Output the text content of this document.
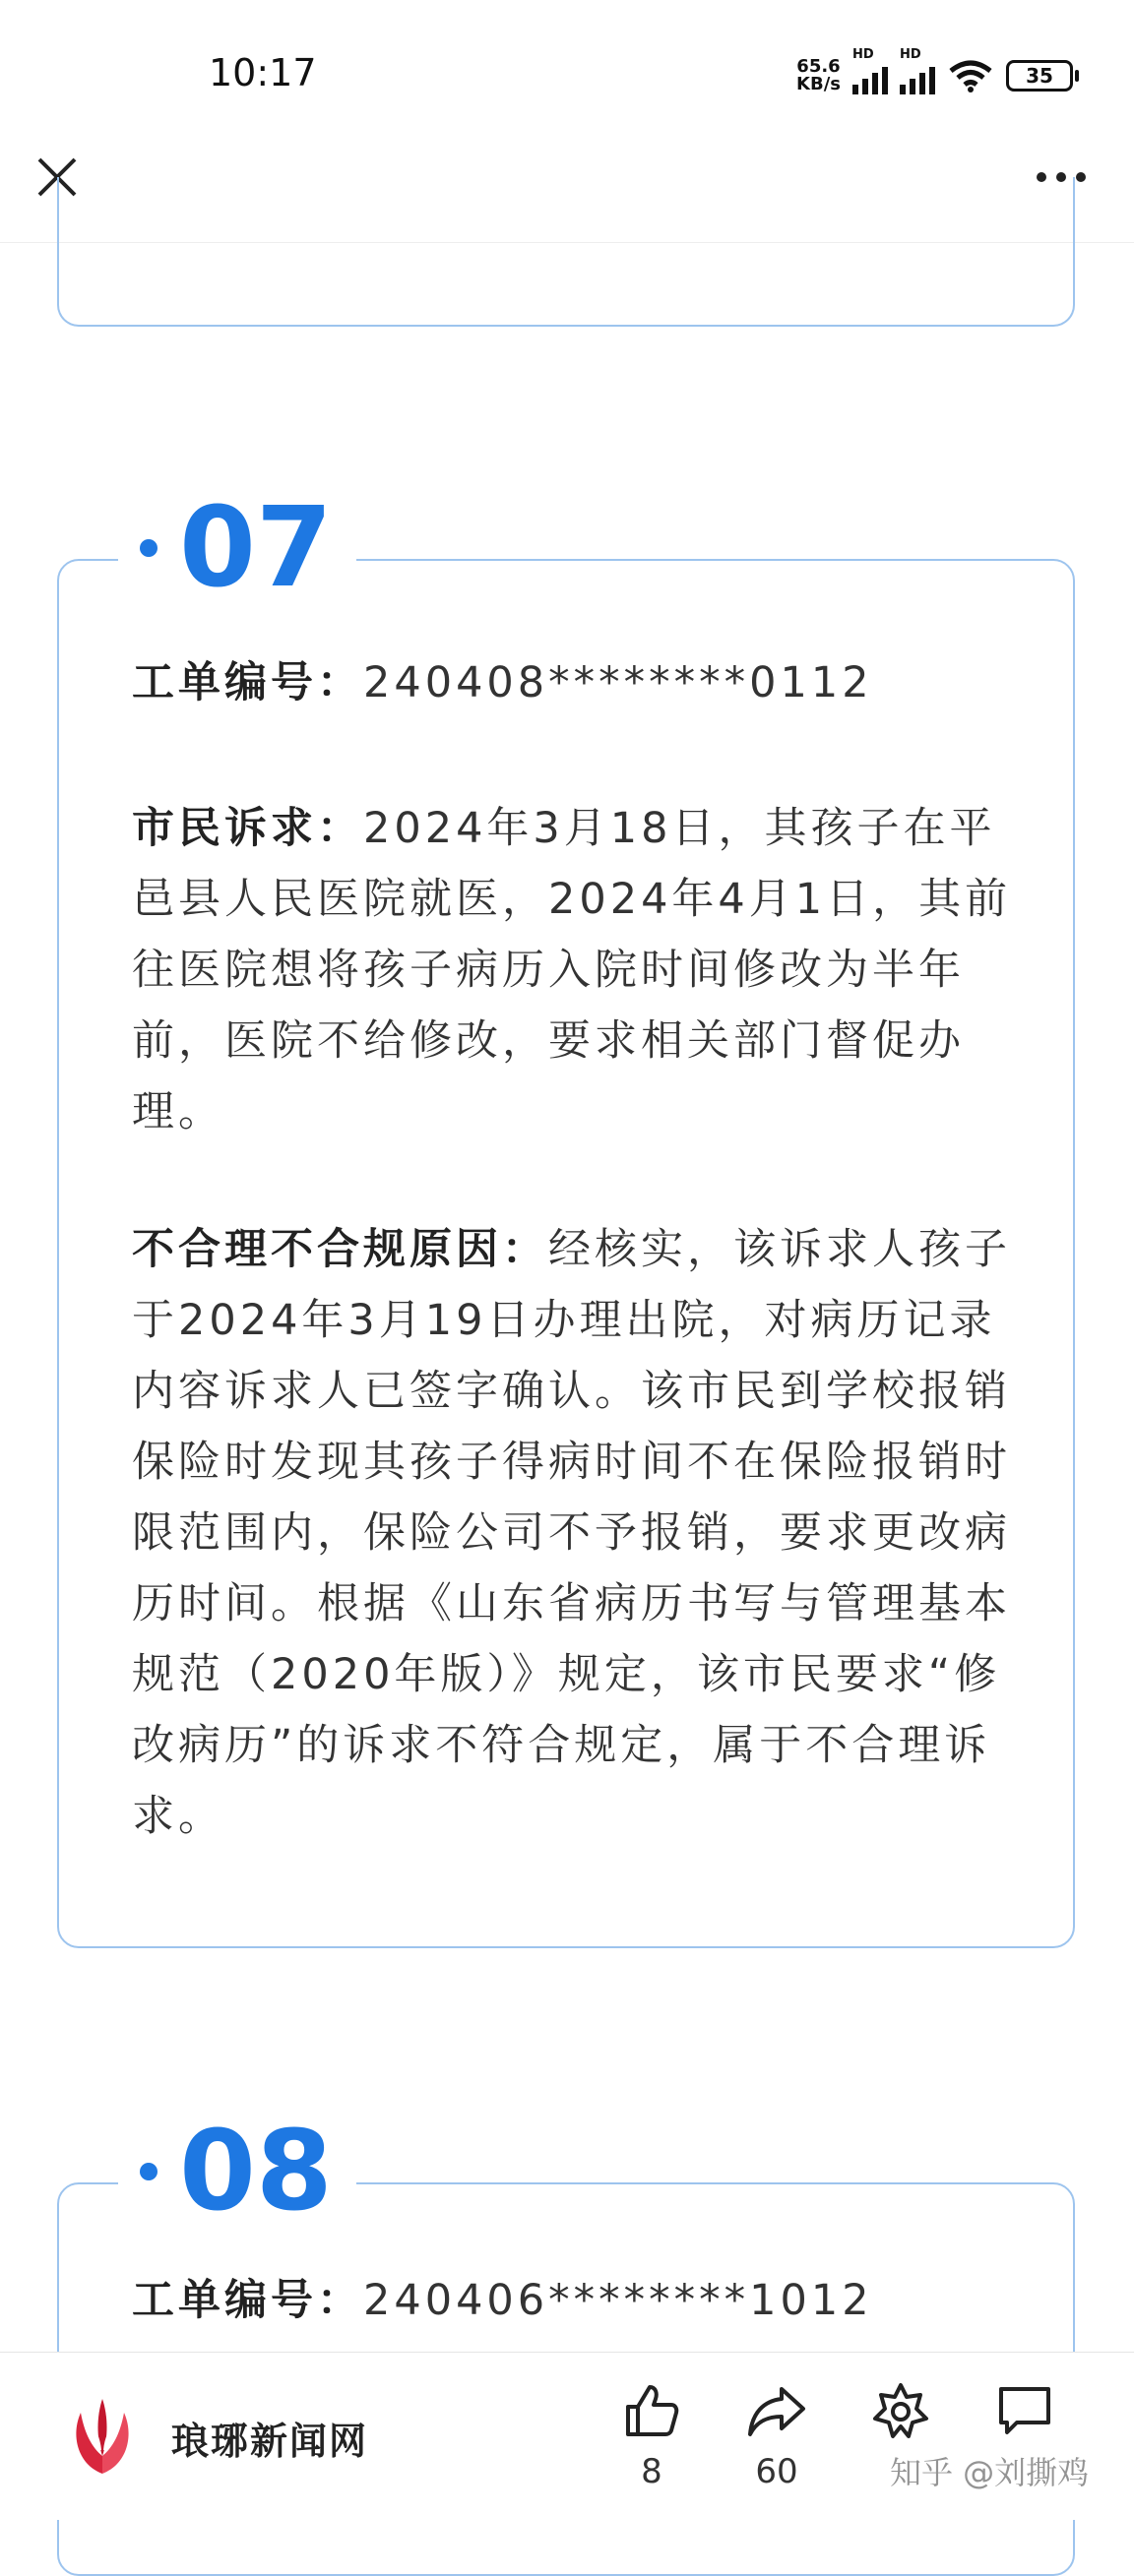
10:17	65.6
KB/s
HD HD
35
07

工单编号：240408********0112

市民诉求：2024年3月18日，其孩子在平邑县人民医院就医，2024年4月1日，其前往医院想将孩子病历入院时间修改为半年前，医院不给修改，要求相关部门督促办理。

不合理不合规原因：经核实，该诉求人孩子于2024年3月19日办理出院，对病历记录内容诉求人已签字确认。该市民到学校报销保险时发现其孩子得病时间不在保险报销时限范围内，保险公司不予报销，要求更改病历时间。根据《山东省病历书写与管理基本规范（2020年版）》规定，该市民要求“修改病历”的诉求不符合规定，属于不合理诉求。

08

工单编号：240406********1012

琅琊新闻网
8	60	知乎 @刘撕鸡
